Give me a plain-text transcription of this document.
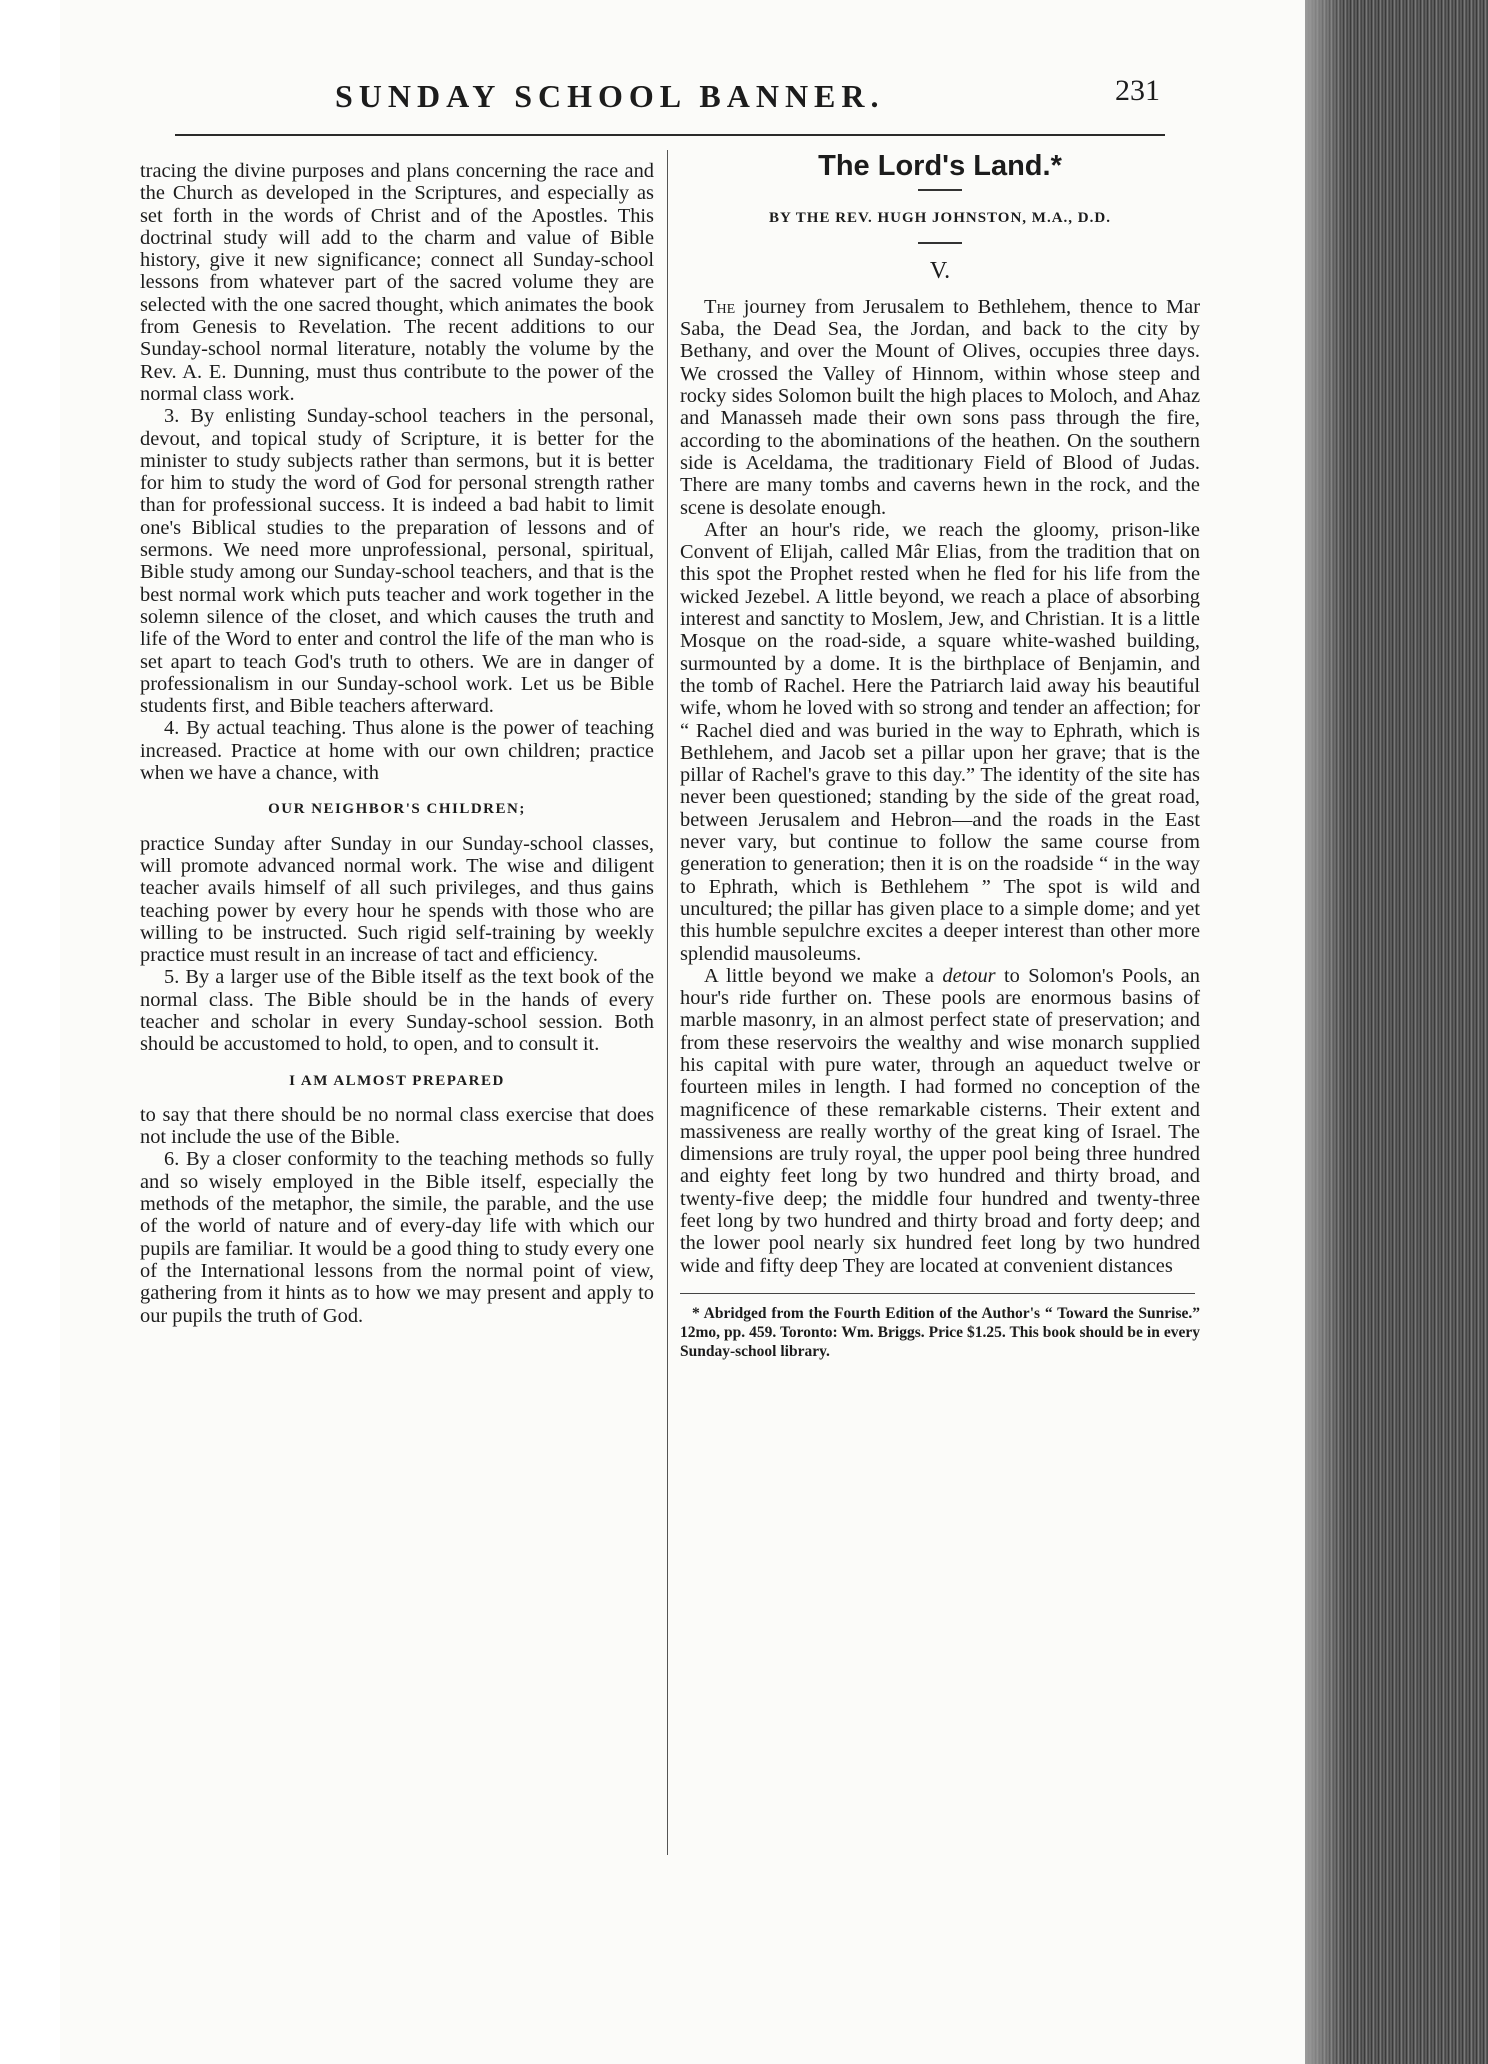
SUNDAY SCHOOL BANNER.	231

tracing the divine purposes and plans concerning the race and the Church as developed in the Scriptures, and especially as set forth in the words of Christ and of the Apostles. This doctrinal study will add to the charm and value of Bible history, give it new significance; connect all Sunday-school lessons from whatever part of the sacred volume they are selected with the one sacred thought, which animates the book from Genesis to Revelation. The recent additions to our Sunday-school normal literature, notably the volume by the Rev. A. E. Dunning, must thus contribute to the power of the normal class work.

3. By enlisting Sunday-school teachers in the personal, devout, and topical study of Scripture, it is better for the minister to study subjects rather than sermons, but it is better for him to study the word of God for personal strength rather than for professional success. It is indeed a bad habit to limit one's Biblical studies to the preparation of lessons and of sermons. We need more unprofessional, personal, spiritual, Bible study among our Sunday-school teachers, and that is the best normal work which puts teacher and work together in the solemn silence of the closet, and which causes the truth and life of the Word to enter and control the life of the man who is set apart to teach God's truth to others. We are in danger of professionalism in our Sunday-school work. Let us be Bible students first, and Bible teachers afterward.

4. By actual teaching. Thus alone is the power of teaching increased. Practice at home with our own children; practice when we have a chance, with

OUR NEIGHBOR'S CHILDREN;

practice Sunday after Sunday in our Sunday-school classes, will promote advanced normal work. The wise and diligent teacher avails himself of all such privileges, and thus gains teaching power by every hour he spends with those who are willing to be instructed. Such rigid self-training by weekly practice must result in an increase of tact and efficiency.

5. By a larger use of the Bible itself as the text book of the normal class. The Bible should be in the hands of every teacher and scholar in every Sunday-school session. Both should be accustomed to hold, to open, and to consult it.

I AM ALMOST PREPARED

to say that there should be no normal class exercise that does not include the use of the Bible.

6. By a closer conformity to the teaching methods so fully and so wisely employed in the Bible itself, especially the methods of the metaphor, the simile, the parable, and the use of the world of nature and of every-day life with which our pupils are familiar. It would be a good thing to study every one of the International lessons from the normal point of view, gathering from it hints as to how we may present and apply to our pupils the truth of God.

The Lord's Land.*
BY THE REV. HUGH JOHNSTON, M.A., D.D.
V.

The journey from Jerusalem to Bethlehem, thence to Mar Saba, the Dead Sea, the Jordan, and back to the city by Bethany, and over the Mount of Olives, occupies three days. We crossed the Valley of Hinnom, within whose steep and rocky sides Solomon built the high places to Moloch, and Ahaz and Manasseh made their own sons pass through the fire, according to the abominations of the heathen. On the southern side is Aceldama, the traditionary Field of Blood of Judas. There are many tombs and caverns hewn in the rock, and the scene is desolate enough.

After an hour's ride, we reach the gloomy, prison-like Convent of Elijah, called Mâr Elias, from the tradition that on this spot the Prophet rested when he fled for his life from the wicked Jezebel. A little beyond, we reach a place of absorbing interest and sanctity to Moslem, Jew, and Christian. It is a little Mosque on the road-side, a square white-washed building, surmounted by a dome. It is the birthplace of Benjamin, and the tomb of Rachel. Here the Patriarch laid away his beautiful wife, whom he loved with so strong and tender an affection; for “ Rachel died and was buried in the way to Ephrath, which is Bethlehem, and Jacob set a pillar upon her grave; that is the pillar of Rachel's grave to this day.” The identity of the site has never been questioned; standing by the side of the great road, between Jerusalem and Hebron—and the roads in the East never vary, but continue to follow the same course from generation to generation; then it is on the roadside “ in the way to Ephrath, which is Bethlehem ” The spot is wild and uncultured; the pillar has given place to a simple dome; and yet this humble sepulchre excites a deeper interest than other more splendid mausoleums.

A little beyond we make a detour to Solomon's Pools, an hour's ride further on. These pools are enormous basins of marble masonry, in an almost perfect state of preservation; and from these reservoirs the wealthy and wise monarch supplied his capital with pure water, through an aqueduct twelve or fourteen miles in length. I had formed no conception of the magnificence of these remarkable cisterns. Their extent and massiveness are really worthy of the great king of Israel. The dimensions are truly royal, the upper pool being three hundred and eighty feet long by two hundred and thirty broad, and twenty-five deep; the middle four hundred and twenty-three feet long by two hundred and thirty broad and forty deep; and the lower pool nearly six hundred feet long by two hundred wide and fifty deep They are located at convenient distances

* Abridged from the Fourth Edition of the Author's “ Toward the Sunrise.” 12mo, pp. 459. Toronto: Wm. Briggs. Price $1.25. This book should be in every Sunday-school library.
